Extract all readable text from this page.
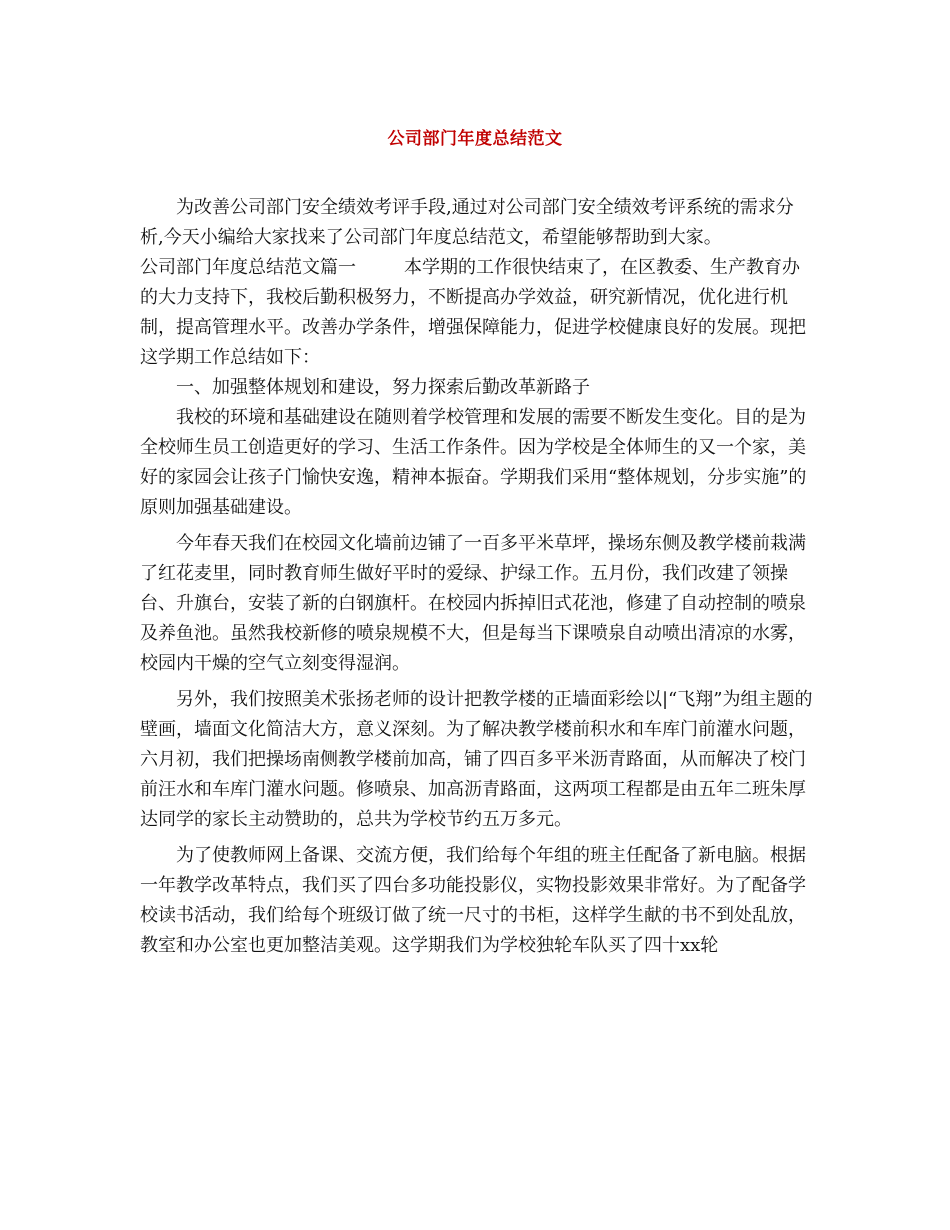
公司部门年度总结范文

为改善公司部门安全绩效考评手段,通过对公司部门安全绩效考评系统的需求分析,今天小编给大家找来了公司部门年度总结范文，希望能够帮助到大家。

公司部门年度总结范文篇一	本学期的工作很快结束了，在区教委、生产教育办的大力支持下，我校后勤积极努力，不断提高办学效益，研究新情况，优化进行机制，提高管理水平。改善办学条件，增强保障能力，促进学校健康良好的发展。现把这学期工作总结如下：

一、加强整体规划和建设，努力探索后勤改革新路子

我校的环境和基础建设在随则着学校管理和发展的需要不断发生变化。目的是为全校师生员工创造更好的学习、生活工作条件。因为学校是全体师生的又一个家，美好的家园会让孩子门愉快安逸，精神本振奋。学期我们采用“整体规划，分步实施”的原则加强基础建设。

今年春天我们在校园文化墙前边铺了一百多平米草坪，操场东侧及教学楼前栽满了红花麦里，同时教育师生做好平时的爱绿、护绿工作。五月份，我们改建了领操台、升旗台，安装了新的白钢旗杆。在校园内拆掉旧式花池，修建了自动控制的喷泉及养鱼池。虽然我校新修的喷泉规模不大，但是每当下课喷泉自动喷出清凉的水雾，校园内干燥的空气立刻变得湿润。

另外，我们按照美术张扬老师的设计把教学楼的正墙面彩绘以|“飞翔”为组主题的壁画，墙面文化简洁大方，意义深刻。为了解决教学楼前积水和车库门前灌水问题，六月初，我们把操场南侧教学楼前加高，铺了四百多平米沥青路面，从而解决了校门前汪水和车库门灌水问题。修喷泉、加高沥青路面，这两项工程都是由五年二班朱厚达同学的家长主动赞助的，总共为学校节约五万多元。

为了使教师网上备课、交流方便，我们给每个年组的班主任配备了新电脑。根据一年教学改革特点，我们买了四台多功能投影仪，实物投影效果非常好。为了配备学校读书活动，我们给每个班级订做了统一尺寸的书柜，这样学生献的书不到处乱放，教室和办公室也更加整洁美观。这学期我们为学校独轮车队买了四十xx轮
